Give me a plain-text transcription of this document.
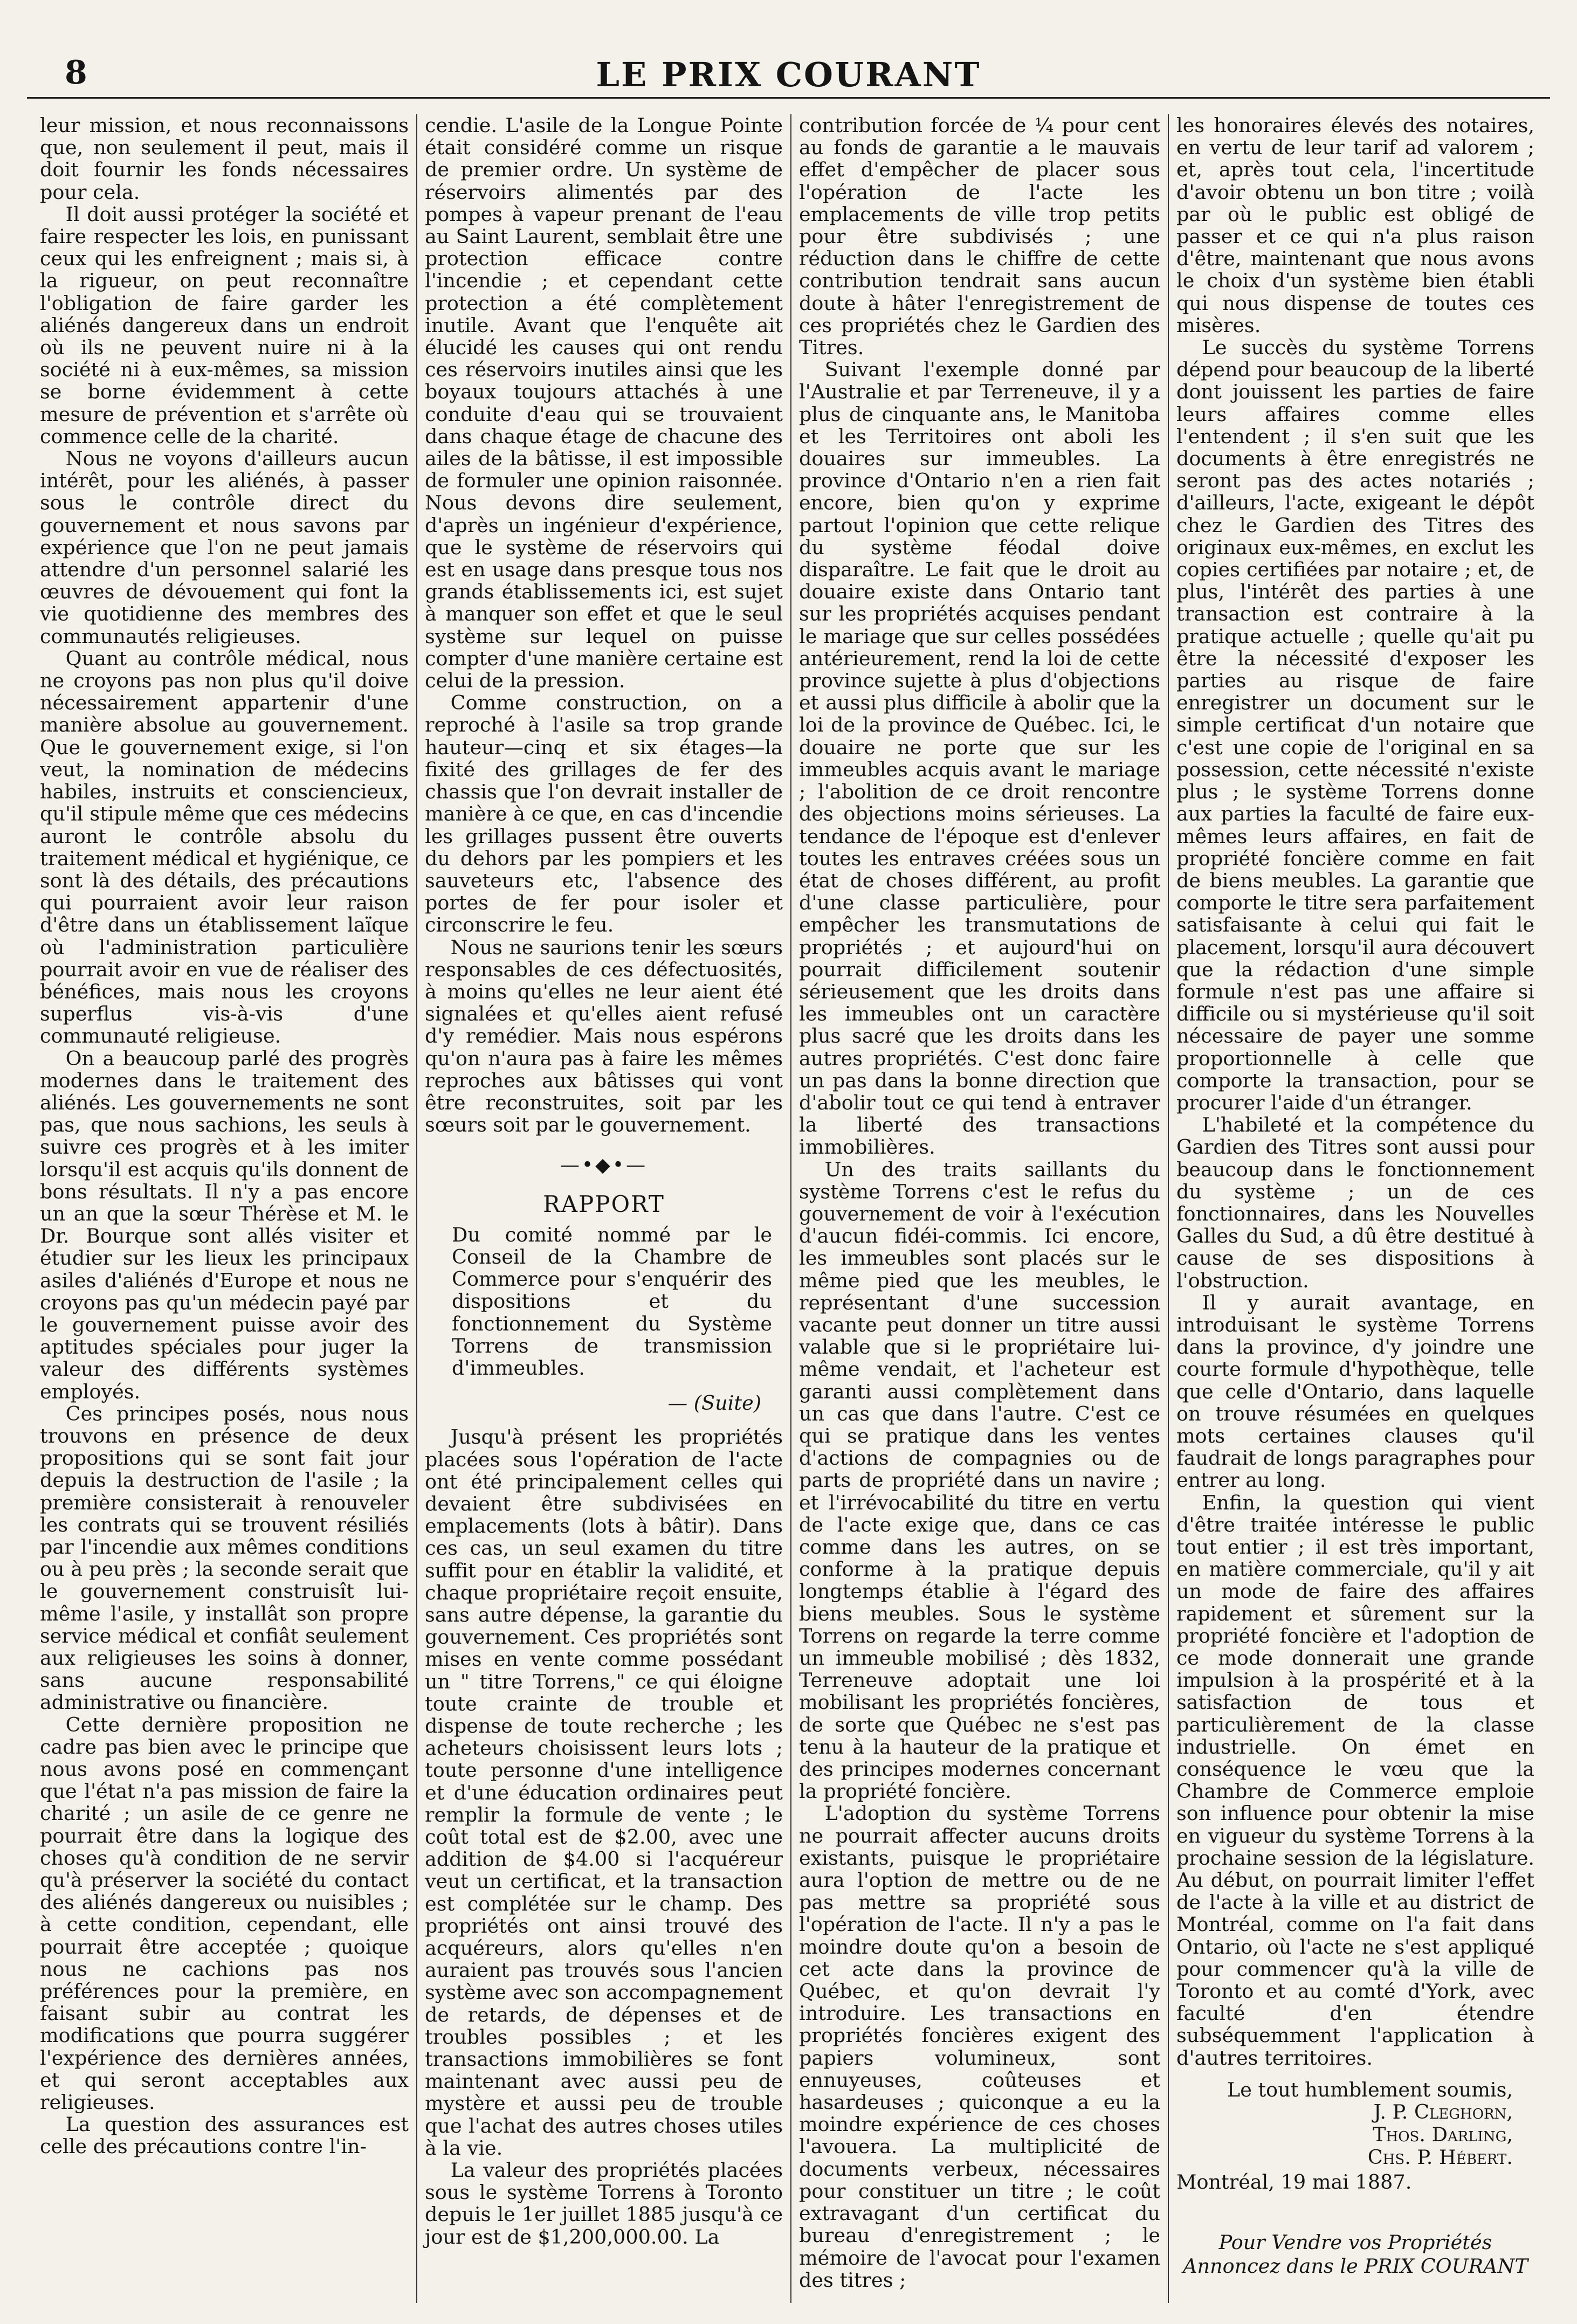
8	LE PRIX COURANT

leur mission, et nous reconnaissons que, non seulement il peut, mais il doit fournir les fonds nécessaires pour cela.

Il doit aussi protéger la société et faire respecter les lois, en punissant ceux qui les enfreignent ; mais si, à la rigueur, on peut reconnaître l'obligation de faire garder les aliénés dangereux dans un endroit où ils ne peuvent nuire ni à la société ni à eux-mêmes, sa mission se borne évidemment à cette mesure de prévention et s'arrête où commence celle de la charité.

Nous ne voyons d'ailleurs aucun intérêt, pour les aliénés, à passer sous le contrôle direct du gouvernement et nous savons par expérience que l'on ne peut jamais attendre d'un personnel salarié les œuvres de dévouement qui font la vie quotidienne des membres des communautés religieuses.

Quant au contrôle médical, nous ne croyons pas non plus qu'il doive nécessairement appartenir d'une manière absolue au gouvernement. Que le gouvernement exige, si l'on veut, la nomination de médecins habiles, instruits et consciencieux, qu'il stipule même que ces médecins auront le contrôle absolu du traitement médical et hygiénique, ce sont là des détails, des précautions qui pourraient avoir leur raison d'être dans un établissement laïque où l'administration particulière pourrait avoir en vue de réaliser des bénéfices, mais nous les croyons superflus vis-à-vis d'une communauté religieuse.

On a beaucoup parlé des progrès modernes dans le traitement des aliénés. Les gouvernements ne sont pas, que nous sachions, les seuls à suivre ces progrès et à les imiter lorsqu'il est acquis qu'ils donnent de bons résultats. Il n'y a pas encore un an que la sœur Thérèse et M. le Dr. Bourque sont allés visiter et étudier sur les lieux les principaux asiles d'aliénés d'Europe et nous ne croyons pas qu'un médecin payé par le gouvernement puisse avoir des aptitudes spéciales pour juger la valeur des différents systèmes employés.

Ces principes posés, nous nous trouvons en présence de deux propositions qui se sont fait jour depuis la destruction de l'asile ; la première consisterait à renouveler les contrats qui se trouvent résiliés par l'incendie aux mêmes conditions ou à peu près ; la seconde serait que le gouvernement construisît lui-même l'asile, y installât son propre service médical et confiât seulement aux religieuses les soins à donner, sans aucune responsabilité administrative ou financière.

Cette dernière proposition ne cadre pas bien avec le principe que nous avons posé en commençant que l'état n'a pas mission de faire la charité ; un asile de ce genre ne pourrait être dans la logique des choses qu'à condition de ne servir qu'à préserver la société du contact des aliénés dangereux ou nuisibles ; à cette condition, cependant, elle pourrait être acceptée ; quoique nous ne cachions pas nos préférences pour la première, en faisant subir au contrat les modifications que pourra suggérer l'expérience des dernières années, et qui seront acceptables aux religieuses.

La question des assurances est celle des précautions contre l'in-

cendie. L'asile de la Longue Pointe était considéré comme un risque de premier ordre. Un système de réservoirs alimentés par des pompes à vapeur prenant de l'eau au Saint Laurent, semblait être une protection efficace contre l'incendie ; et cependant cette protection a été complètement inutile. Avant que l'enquête ait élucidé les causes qui ont rendu ces réservoirs inutiles ainsi que les boyaux toujours attachés à une conduite d'eau qui se trouvaient dans chaque étage de chacune des ailes de la bâtisse, il est impossible de formuler une opinion raisonnée. Nous devons dire seulement, d'après un ingénieur d'expérience, que le système de réservoirs qui est en usage dans presque tous nos grands établissements ici, est sujet à manquer son effet et que le seul système sur lequel on puisse compter d'une manière certaine est celui de la pression.

Comme construction, on a reproché à l'asile sa trop grande hauteur—cinq et six étages—la fixité des grillages de fer des chassis que l'on devrait installer de manière à ce que, en cas d'incendie les grillages pussent être ouverts du dehors par les pompiers et les sauveteurs etc, l'absence des portes de fer pour isoler et circonscrire le feu.

Nous ne saurions tenir les sœurs responsables de ces défectuosités, à moins qu'elles ne leur aient été signalées et qu'elles aient refusé d'y remédier. Mais nous espérons qu'on n'aura pas à faire les mêmes reproches aux bâtisses qui vont être reconstruites, soit par les sœurs soit par le gouvernement.

—•◆•—
RAPPORT

Du comité nommé par le Conseil de la Chambre de Commerce pour s'enquérir des dispositions et du fonctionnement du Système Torrens de transmission d'immeubles.

— (Suite)

Jusqu'à présent les propriétés placées sous l'opération de l'acte ont été principalement celles qui devaient être subdivisées en emplacements (lots à bâtir). Dans ces cas, un seul examen du titre suffit pour en établir la validité, et chaque propriétaire reçoit ensuite, sans autre dépense, la garantie du gouvernement. Ces propriétés sont mises en vente comme possédant un " titre Torrens," ce qui éloigne toute crainte de trouble et dispense de toute recherche ; les acheteurs choisissent leurs lots ; toute personne d'une intelligence et d'une éducation ordinaires peut remplir la formule de vente ; le coût total est de $2.00, avec une addition de $4.00 si l'acquéreur veut un certificat, et la transaction est complétée sur le champ. Des propriétés ont ainsi trouvé des acquéreurs, alors qu'elles n'en auraient pas trouvés sous l'ancien système avec son accompagnement de retards, de dépenses et de troubles possibles ; et les transactions immobilières se font maintenant avec aussi peu de mystère et aussi peu de trouble que l'achat des autres choses utiles à la vie.

La valeur des propriétés placées sous le système Torrens à Toronto depuis le 1er juillet 1885 jusqu'à ce jour est de $1,200,000.00. La

contribution forcée de ¼ pour cent au fonds de garantie a le mauvais effet d'empêcher de placer sous l'opération de l'acte les emplacements de ville trop petits pour être subdivisés ; une réduction dans le chiffre de cette contribution tendrait sans aucun doute à hâter l'enregistrement de ces propriétés chez le Gardien des Titres.

Suivant l'exemple donné par l'Australie et par Terreneuve, il y a plus de cinquante ans, le Manitoba et les Territoires ont aboli les douaires sur immeubles. La province d'Ontario n'en a rien fait encore, bien qu'on y exprime partout l'opinion que cette relique du système féodal doive disparaître. Le fait que le droit au douaire existe dans Ontario tant sur les propriétés acquises pendant le mariage que sur celles possédées antérieurement, rend la loi de cette province sujette à plus d'objections et aussi plus difficile à abolir que la loi de la province de Québec. Ici, le douaire ne porte que sur les immeubles acquis avant le mariage ; l'abolition de ce droit rencontre des objections moins sérieuses. La tendance de l'époque est d'enlever toutes les entraves créées sous un état de choses différent, au profit d'une classe particulière, pour empêcher les transmutations de propriétés ; et aujourd'hui on pourrait difficilement soutenir sérieusement que les droits dans les immeubles ont un caractère plus sacré que les droits dans les autres propriétés. C'est donc faire un pas dans la bonne direction que d'abolir tout ce qui tend à entraver la liberté des transactions immobilières.

Un des traits saillants du système Torrens c'est le refus du gouvernement de voir à l'exécution d'aucun fidéi-commis. Ici encore, les immeubles sont placés sur le même pied que les meubles, le représentant d'une succession vacante peut donner un titre aussi valable que si le propriétaire lui-même vendait, et l'acheteur est garanti aussi complètement dans un cas que dans l'autre. C'est ce qui se pratique dans les ventes d'actions de compagnies ou de parts de propriété dans un navire ; et l'irrévocabilité du titre en vertu de l'acte exige que, dans ce cas comme dans les autres, on se conforme à la pratique depuis longtemps établie à l'égard des biens meubles. Sous le système Torrens on regarde la terre comme un immeuble mobilisé ; dès 1832, Terreneuve adoptait une loi mobilisant les propriétés foncières, de sorte que Québec ne s'est pas tenu à la hauteur de la pratique et des principes modernes concernant la propriété foncière.

L'adoption du système Torrens ne pourrait affecter aucuns droits existants, puisque le propriétaire aura l'option de mettre ou de ne pas mettre sa propriété sous l'opération de l'acte. Il n'y a pas le moindre doute qu'on a besoin de cet acte dans la province de Québec, et qu'on devrait l'y introduire. Les transactions en propriétés foncières exigent des papiers volumineux, sont ennuyeuses, coûteuses et hasardeuses ; quiconque a eu la moindre expérience de ces choses l'avouera. La multiplicité de documents verbeux, nécessaires pour constituer un titre ; le coût extravagant d'un certificat du bureau d'enregistrement ; le mémoire de l'avocat pour l'examen des titres ;

les honoraires élevés des notaires, en vertu de leur tarif ad valorem ; et, après tout cela, l'incertitude d'avoir obtenu un bon titre ; voilà par où le public est obligé de passer et ce qui n'a plus raison d'être, maintenant que nous avons le choix d'un système bien établi qui nous dispense de toutes ces misères.

Le succès du système Torrens dépend pour beaucoup de la liberté dont jouissent les parties de faire leurs affaires comme elles l'entendent ; il s'en suit que les documents à être enregistrés ne seront pas des actes notariés ; d'ailleurs, l'acte, exigeant le dépôt chez le Gardien des Titres des originaux eux-mêmes, en exclut les copies certifiées par notaire ; et, de plus, l'intérêt des parties à une transaction est contraire à la pratique actuelle ; quelle qu'ait pu être la nécessité d'exposer les parties au risque de faire enregistrer un document sur le simple certificat d'un notaire que c'est une copie de l'original en sa possession, cette nécessité n'existe plus ; le système Torrens donne aux parties la faculté de faire eux-mêmes leurs affaires, en fait de propriété foncière comme en fait de biens meubles. La garantie que comporte le titre sera parfaitement satisfaisante à celui qui fait le placement, lorsqu'il aura découvert que la rédaction d'une simple formule n'est pas une affaire si difficile ou si mystérieuse qu'il soit nécessaire de payer une somme proportionnelle à celle que comporte la transaction, pour se procurer l'aide d'un étranger.

L'habileté et la compétence du Gardien des Titres sont aussi pour beaucoup dans le fonctionnement du système ; un de ces fonctionnaires, dans les Nouvelles Galles du Sud, a dû être destitué à cause de ses dispositions à l'obstruction.

Il y aurait avantage, en introduisant le système Torrens dans la province, d'y joindre une courte formule d'hypothèque, telle que celle d'Ontario, dans laquelle on trouve résumées en quelques mots certaines clauses qu'il faudrait de longs paragraphes pour entrer au long.

Enfin, la question qui vient d'être traitée intéresse le public tout entier ; il est très important, en matière commerciale, qu'il y ait un mode de faire des affaires rapidement et sûrement sur la propriété foncière et l'adoption de ce mode donnerait une grande impulsion à la prospérité et à la satisfaction de tous et particulièrement de la classe industrielle. On émet en conséquence le vœu que la Chambre de Commerce emploie son influence pour obtenir la mise en vigueur du système Torrens à la prochaine session de la législature. Au début, on pourrait limiter l'effet de l'acte à la ville et au district de Montréal, comme on l'a fait dans Ontario, où l'acte ne s'est appliqué pour commencer qu'à la ville de Toronto et au comté d'York, avec faculté d'en étendre subséquemment l'application à d'autres territoires.

Le tout humblement soumis,

J. P. Cleghorn,
Thos. Darling,
Chs. P. Hébert.
Montréal, 19 mai 1887.
Pour Vendre vos Propriétés
Annoncez dans le PRIX COURANT
